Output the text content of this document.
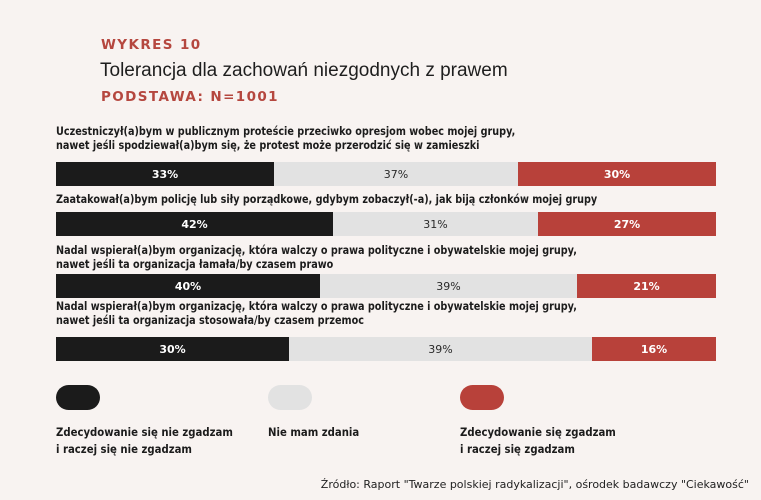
WYKRES 10
Tolerancja dla zachowań niezgodnych z prawem
PODSTAWA: N=1001
Uczestniczył(a)bym w publicznym proteście przeciwko opresjom wobec mojej grupy,
nawet jeśli spodziewał(a)bym się, że protest może przerodzić się w zamieszki
33%	37%	30%
Zaatakował(a)bym policję lub siły porządkowe, gdybym zobaczył(-a), jak biją członków mojej grupy
42%	31%	27%
Nadal wspierał(a)bym organizację, która walczy o prawa polityczne i obywatelskie mojej grupy,
nawet jeśli ta organizacja łamała/by czasem prawo
40%	39%	21%
Nadal wspierał(a)bym organizację, która walczy o prawa polityczne i obywatelskie mojej grupy,
nawet jeśli ta organizacja stosowała/by czasem przemoc
30%	39%	16%
Zdecydowanie się nie zgadzam
i raczej się nie zgadzam
Nie mam zdania	Zdecydowanie się zgadzam
i raczej się zgadzam
Źródło: Raport "Twarze polskiej radykalizacji", ośrodek badawczy "Ciekawość"
